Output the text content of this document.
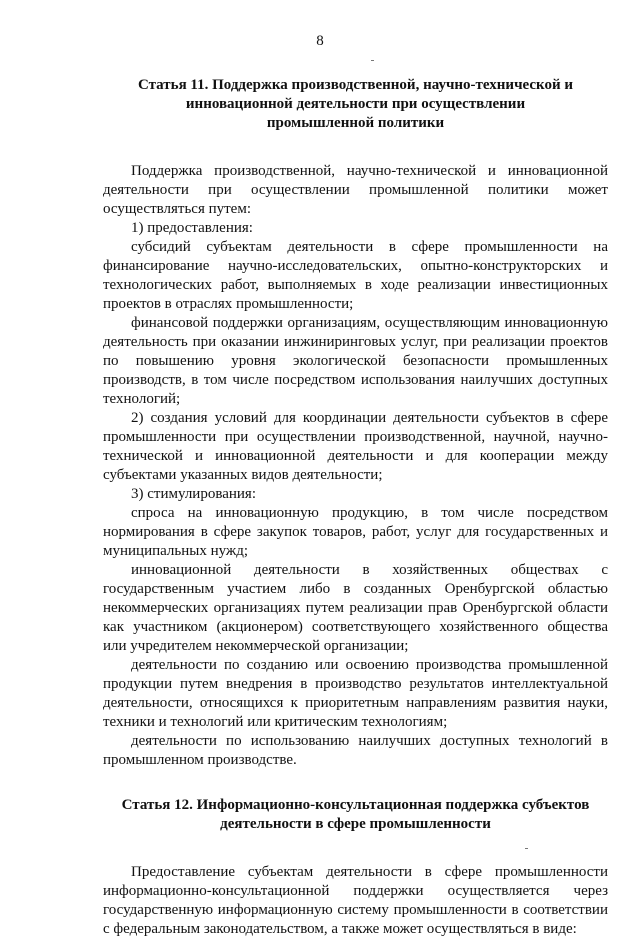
8
Статья 11. Поддержка производственной, научно-технической и
инновационной деятельности при осуществлении
промышленной политики

Поддержка производственной, научно-технической и инновационной деятельности при осуществлении промышленной политики может осуществляться путем:

1) предоставления:

субсидий субъектам деятельности в сфере промышленности на финансирование научно-исследовательских, опытно-конструкторских и технологических работ, выполняемых в ходе реализации инвестиционных проектов в отраслях промышленности;

финансовой поддержки организациям, осуществляющим инновационную деятельность при оказании инжиниринговых услуг, при реализации проектов по повышению уровня экологической безопасности промышленных производств, в том числе посредством использования наилучших доступных технологий;

2) создания условий для координации деятельности субъектов в сфере промышленности при осуществлении производственной, научной, научно-технической и инновационной деятельности и для кооперации между субъектами указанных видов деятельности;

3) стимулирования:

спроса на инновационную продукцию, в том числе посредством нормирования в сфере закупок товаров, работ, услуг для государственных и муниципальных нужд;

инновационной деятельности в хозяйственных обществах с государственным участием либо в созданных Оренбургской областью некоммерческих организациях путем реализации прав Оренбургской области как участником (акционером) соответствующего хозяйственного общества или учредителем некоммерческой организации;

деятельности по созданию или освоению производства промышленной продукции путем внедрения в производство результатов интеллектуальной деятельности, относящихся к приоритетным направлениям развития науки, техники и технологий или критическим технологиям;

деятельности по использованию наилучших доступных технологий в промышленном производстве.

Статья 12. Информационно-консультационная поддержка субъектов
деятельности в сфере промышленности

Предоставление субъектам деятельности в сфере промышленности информационно-консультационной поддержки осуществляется через государственную информационную систему промышленности в соответствии с федеральным законодательством, а также может осуществляться в виде:
